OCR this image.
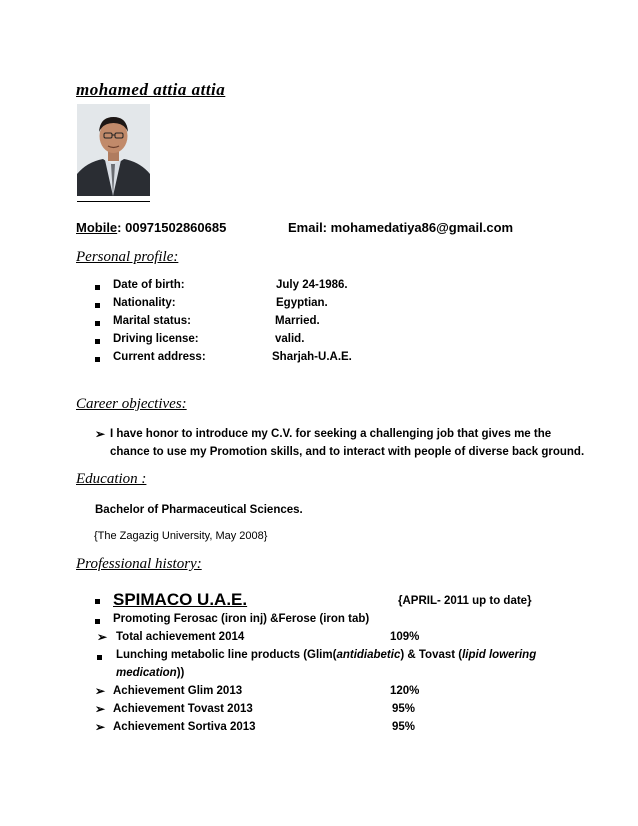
mohamed attia attia
Mobile: 00971502860685	Email: mohamedatiya86@gmail.com
Personal profile:
Date of birth:	July 24-1986.
Nationality:	Egyptian.
Marital status:	Married.
Driving license:	valid.
Current address:	Sharjah-U.A.E.
Career objectives:
➢ I have honor to introduce my C.V. for seeking a challenging job that gives me the
chance to use my Promotion skills, and to interact with people of diverse back ground.
Education :
Bachelor of Pharmaceutical Sciences.
{The Zagazig University, May 2008}
Professional history:
SPIMACO U.A.E.	{APRIL- 2011 up to date}
Promoting Ferosac (iron inj) &Ferose (iron tab)
➢ Total achievement 2014	109%
Lunching metabolic line products (Glim(antidiabetic) & Tovast (lipid lowering
medication))
➢ Achievement Glim 2013	120%
➢ Achievement Tovast 2013	95%
➢ Achievement Sortiva 2013	95%
